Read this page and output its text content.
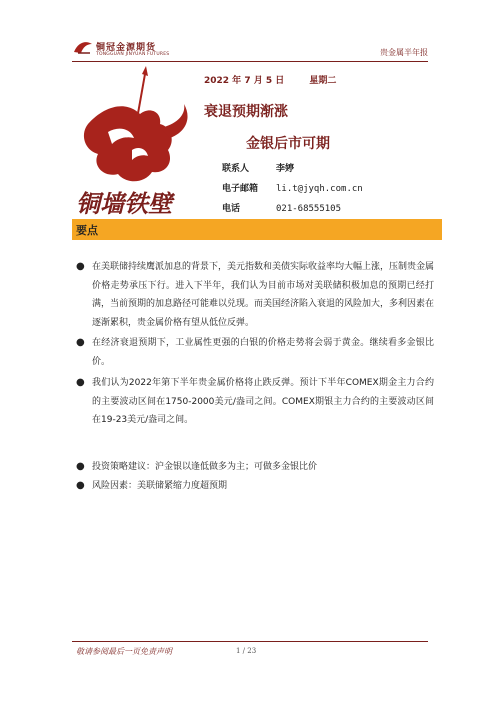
铜冠金源期货
TONGGUAN JINYUAN FUTURES	贵金属半年报
铜墙铁壁
2022 年 7 月 5 日	星期二
衰退预期渐涨
金银后市可期
联系人	李婷
电子邮箱 li.t@jyqh.com.cn
电话	021-68555105
要点
● 在美联储持续鹰派加息的背景下，美元指数和美债实际收益率均大幅上涨，压制贵金属价格走势承压下行。进入下半年，我们认为目前市场对美联储积极加息的预期已经打满，当前预期的加息路径可能难以兑现。而美国经济陷入衰退的风险加大，多利因素在逐渐累积，贵金属价格有望从低位反弹。
● 在经济衰退预期下，工业属性更强的白银的价格走势将会弱于黄金。继续看多金银比价。
● 我们认为2022年第下半年贵金属价格将止跌反弹。预计下半年COMEX期金主力合约的主要波动区间在1750-2000美元/盎司之间。COMEX期银主力合约的主要波动区间在19-23美元/盎司之间。
● 投资策略建议：沪金银以逢低做多为主；可做多金银比价
● 风险因素：美联储紧缩力度超预期
敬请参阅最后一页免责声明	1 / 23
